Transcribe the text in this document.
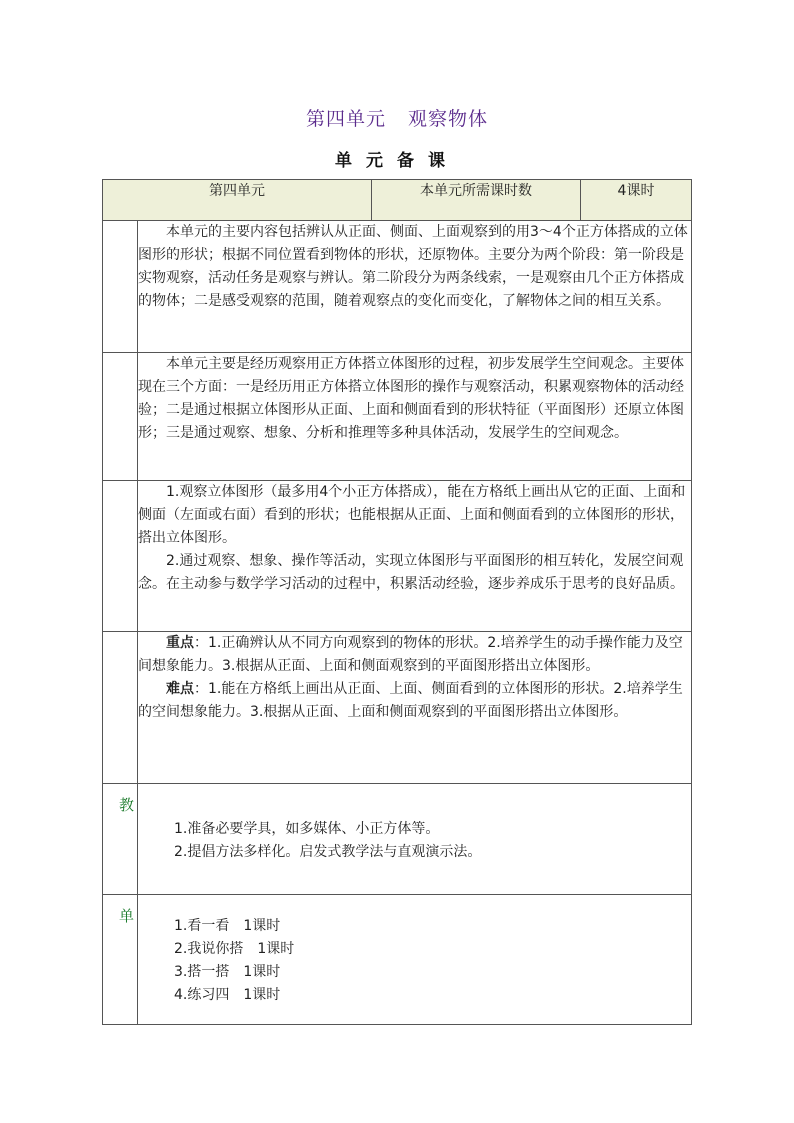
第四单元 观察物体
单元备课
第四单元		本单元所需课时数	4课时

	本单元的主要内容包括辨认从正面、侧面、上面观察到的用3～4个正方体搭成的立体图形的形状；根据不同位置看到物体的形状，还原物体。主要分为两个阶段：第一阶段是实物观察，活动任务是观察与辨认。第二阶段分为两条线索，一是观察由几个正方体搭成的物体；二是感受观察的范围，随着观察点的变化而变化，了解物体之间的相互关系。		

	本单元主要是经历观察用正方体搭立体图形的过程，初步发展学生空间观念。主要体现在三个方面：一是经历用正方体搭立体图形的操作与观察活动，积累观察物体的活动经验；二是通过根据立体图形从正面、上面和侧面看到的形状特征（平面图形）还原立体图形；三是通过观察、想象、分析和推理等多种具体活动，发展学生的空间观念。		

	1.观察立体图形（最多用4个小正方体搭成），能在方格纸上画出从它的正面、上面和侧面（左面或右面）看到的形状；也能根据从正面、上面和侧面看到的立体图形的形状，搭出立体图形。

2.通过观察、想象、操作等活动，实现立体图形与平面图形的相互转化，发展空间观念。在主动参与数学学习活动的过程中，积累活动经验，逐步养成乐于思考的良好品质。		

	重点：1.正确辨认从不同方向观察到的物体的形状。2.培养学生的动手操作能力及空间想象能力。3.根据从正面、上面和侧面观察到的平面图形搭出立体图形。

难点：1.能在方格纸上画出从正面、上面、侧面看到的立体图形的形状。2.培养学生的空间想象能力。3.根据从正面、上面和侧面观察到的平面图形搭出立体图形。		

教	1.准备必要学具，如多媒体、小正方体等。
2.提倡方法多样化。启发式教学法与直观演示法。		

单	1.看一看　1课时
2.我说你搭　1课时
3.搭一搭　1课时
4.练习四　1课时		
